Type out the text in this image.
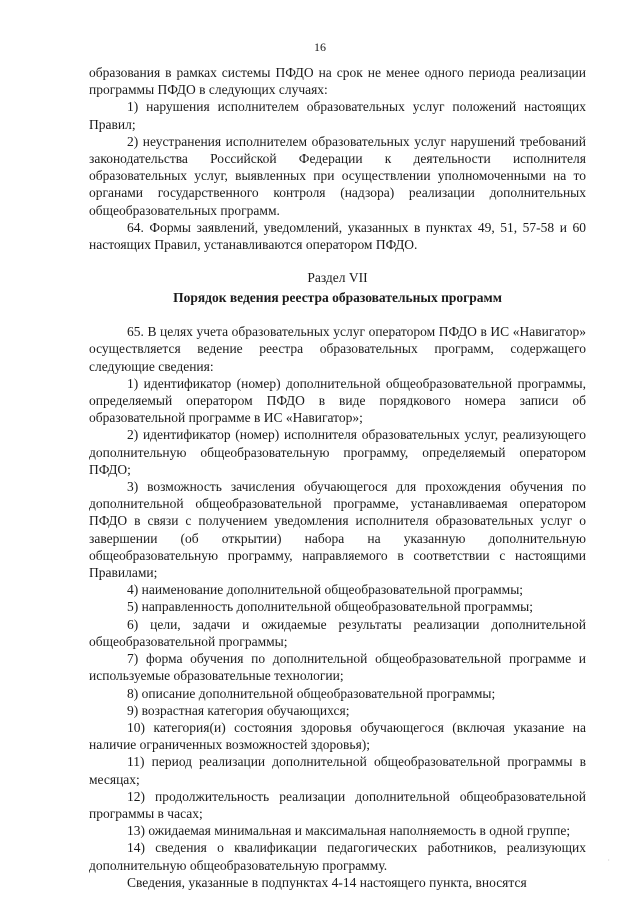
16

образования в рамках системы ПФДО на срок не менее одного периода реализации программы ПФДО в следующих случаях:

1) нарушения исполнителем образовательных услуг положений настоящих Правил;

2) неустранения исполнителем образовательных услуг нарушений требований законодательства Российской Федерации к деятельности исполнителя образовательных услуг, выявленных при осуществлении уполномоченными на то органами государственного контроля (надзора) реализации дополнительных общеобразовательных программ.

64. Формы заявлений, уведомлений, указанных в пунктах 49, 51, 57-58 и 60 настоящих Правил, устанавливаются оператором ПФДО.

Раздел VII
Порядок ведения реестра образовательных программ

65. В целях учета образовательных услуг оператором ПФДО в ИС «Навигатор» осуществляется ведение реестра образовательных программ, содержащего следующие сведения:

1) идентификатор (номер) дополнительной общеобразовательной программы, определяемый оператором ПФДО в виде порядкового номера записи об образовательной программе в ИС «Навигатор»;

2) идентификатор (номер) исполнителя образовательных услуг, реализующего дополнительную общеобразовательную программу, определяемый оператором ПФДО;

3) возможность зачисления обучающегося для прохождения обучения по дополнительной общеобразовательной программе, устанавливаемая оператором ПФДО в связи с получением уведомления исполнителя образовательных услуг о завершении (об открытии) набора на указанную дополнительную общеобразовательную программу, направляемого в соответствии с настоящими Правилами;

4) наименование дополнительной общеобразовательной программы;

5) направленность дополнительной общеобразовательной программы;

6) цели, задачи и ожидаемые результаты реализации дополнительной общеобразовательной программы;

7) форма обучения по дополнительной общеобразовательной программе и используемые образовательные технологии;

8) описание дополнительной общеобразовательной программы;

9) возрастная категория обучающихся;

10) категория(и) состояния здоровья обучающегося (включая указание на наличие ограниченных возможностей здоровья);

11) период реализации дополнительной общеобразовательной программы в месяцах;

12) продолжительность реализации дополнительной общеобразовательной программы в часах;

13) ожидаемая минимальная и максимальная наполняемость в одной группе;

14) сведения о квалификации педагогических работников, реализующих дополнительную общеобразовательную программу.

Сведения, указанные в подпунктах 4-14 настоящего пункта, вносятся

·
